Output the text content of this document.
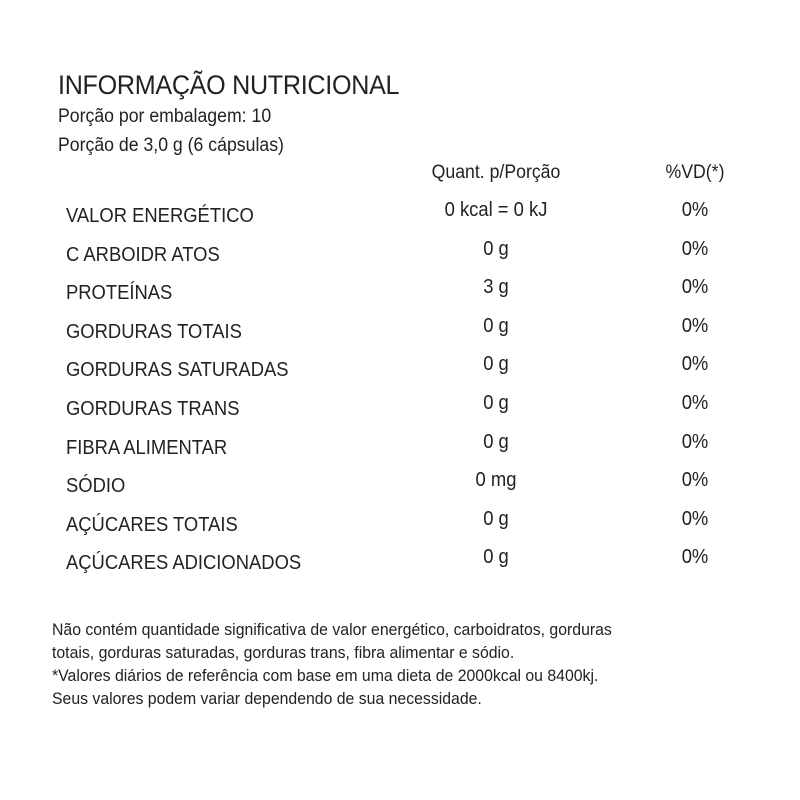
INFORMAÇÃO NUTRICIONAL
Porção por embalagem: 10
Porção de 3,0 g (6 cápsulas)
Quant. p/Porção	%VD(*)
VALOR ENERGÉTICO	0 kcal = 0 kJ	0%
C ARBOIDR ATOS	0 g	0%
PROTEÍNAS	3 g	0%
GORDURAS TOTAIS	0 g	0%
GORDURAS SATURADAS	0 g	0%
GORDURAS TRANS	0 g	0%
FIBRA ALIMENTAR	0 g	0%
SÓDIO	0 mg	0%
AÇÚCARES TOTAIS	0 g	0%
AÇÚCARES ADICIONADOS	0 g	0%

Não contém quantidade significativa de valor energético, carboidratos, gorduras

totais, gorduras saturadas, gorduras trans, fibra alimentar e sódio.

*Valores diários de referência com base em uma dieta de 2000kcal ou 8400kj.

Seus valores podem variar dependendo de sua necessidade.
